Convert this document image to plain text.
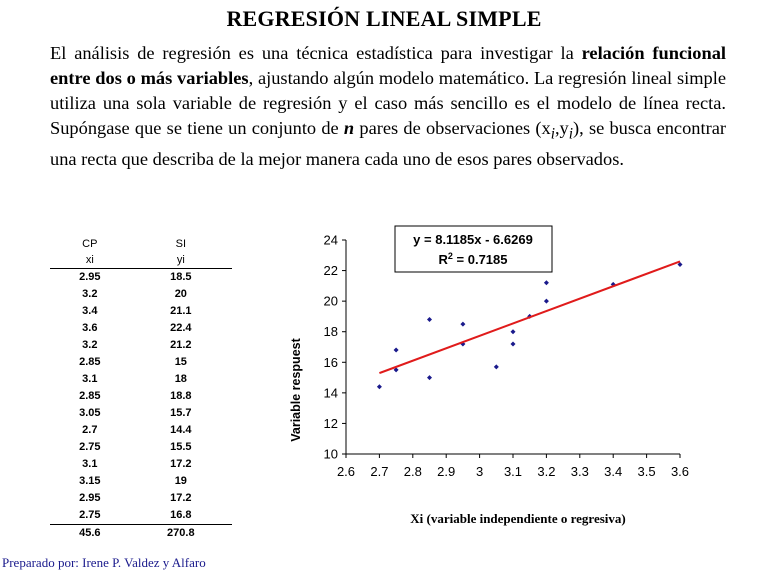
REGRESIÓN LINEAL SIMPLE
El análisis de regresión es una técnica estadística para investigar la relación funcional entre dos o más variables, ajustando algún modelo matemático. La regresión lineal simple utiliza una sola variable de regresión y el caso más sencillo es el modelo de línea recta. Supóngase que se tiene un conjunto de n pares de observaciones $(x_i,y_i)$, se busca encontrar una recta que describa de la mejor manera cada uno de esos pares observados.
CP	SI
xi	yi
2.95	18.5
3.2	20
3.4	21.1
3.6	22.4
3.2	21.2
2.85	15
3.1	18
2.85	18.8
3.05	15.7
2.7	14.4
2.75	15.5
3.1	17.2
3.15	19
2.95	17.2
2.75	16.8
45.6	270.8
10
12
14
16
18
20
22
24
2.6 2.7 2.8 2.9 3 3.1 3.2 3.3 3.4 3.5 3.6
y = 8.1185x - 6.6269
$R^2 = 0.7185$
Variable respuest
Xi (variable independiente o regresiva)
Preparado por: Irene P. Valdez y Alfaro
